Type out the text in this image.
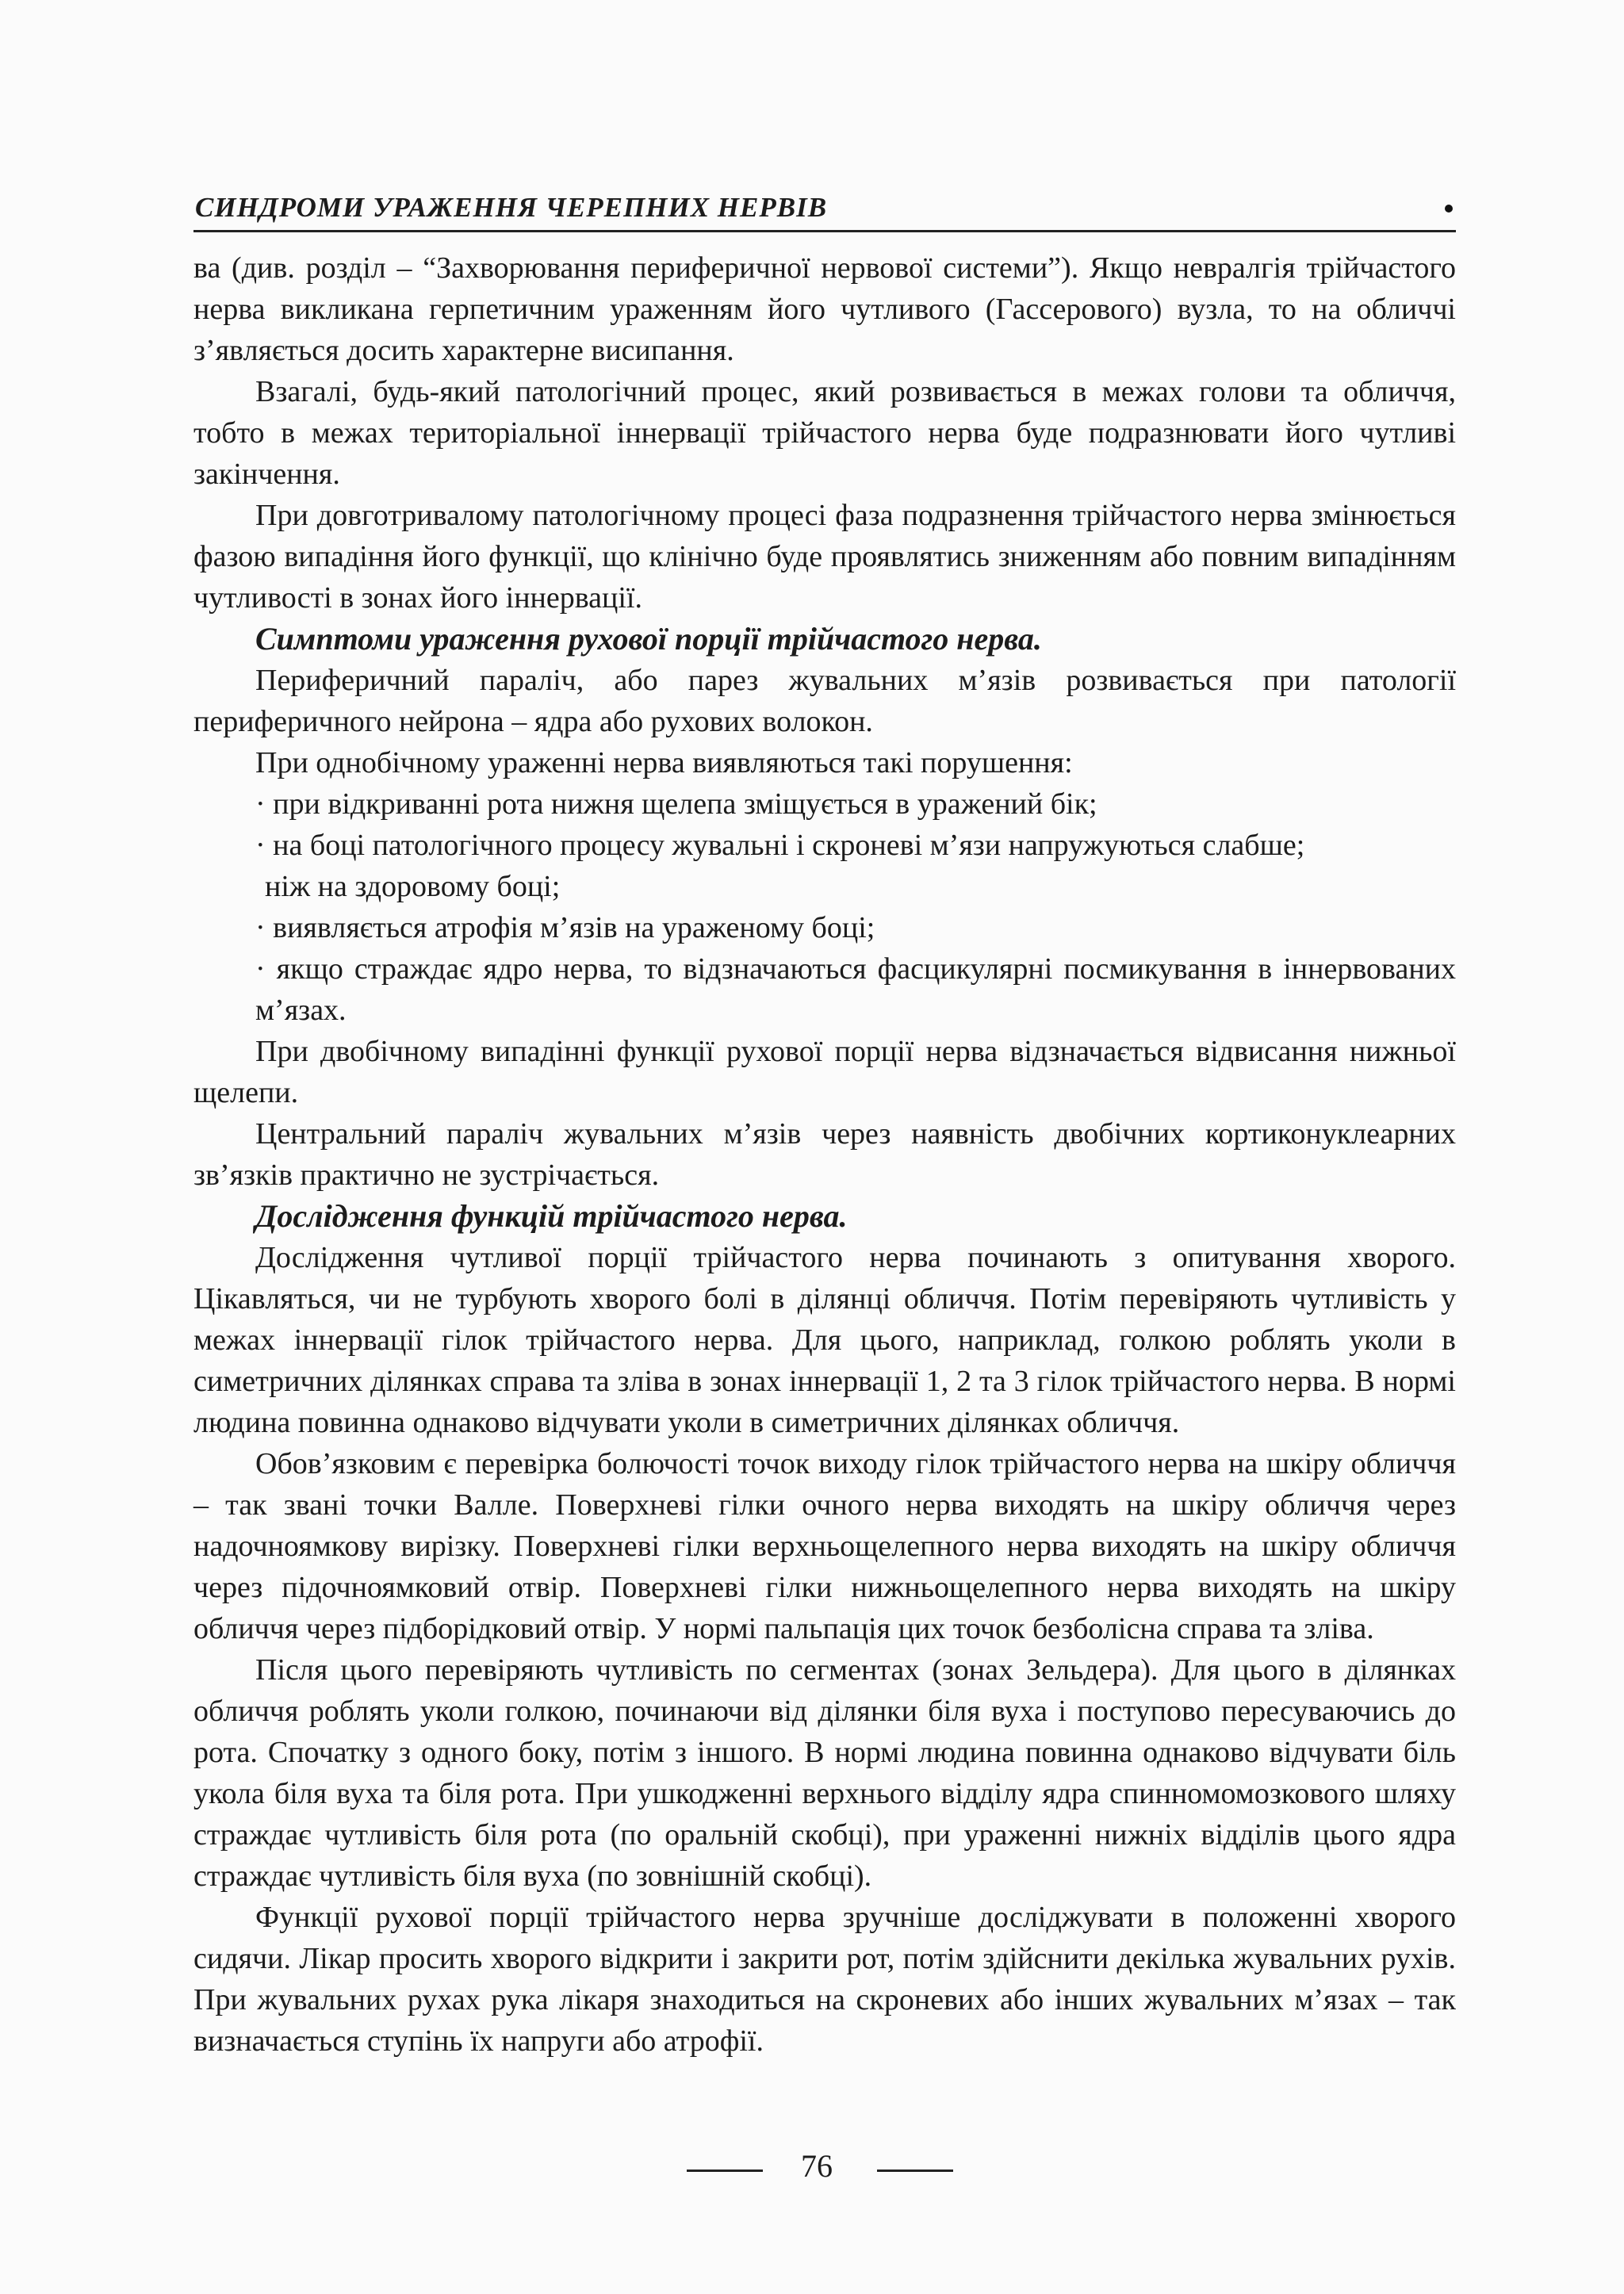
СИНДРОМИ УРАЖЕННЯ ЧЕРЕПНИХ НЕРВІВ

ва (див. розділ – “Захворювання периферичної нервової системи”). Якщо невралгія трійчастого нерва викликана герпетичним ураженням його чутливого (Гассерового) вузла, то на обличчі з’являється досить характерне висипання.

Взагалі, будь-який патологічний процес, який розвивається в межах голови та обличчя, тобто в межах територіальної іннервації трійчастого нерва буде подразнювати його чутливі закінчення.

При довготривалому патологічному процесі фаза подразнення трійчастого нерва змінюється фазою випадіння його функції, що клінічно буде проявлятись зниженням або повним випадінням чутливості в зонах його іннервації.

Симптоми ураження рухової порції трійчастого нерва.

Периферичний параліч, або парез жувальних м’язів розвивається при патології периферичного нейрона – ядра або рухових волокон.

При однобічному ураженні нерва виявляються такі порушення:

· при відкриванні рота нижня щелепа зміщується в уражений бік;

· на боці патологічного процесу жувальні і скроневі м’язи напружуються слабше;

ніж на здоровому боці;

· виявляється атрофія м’язів на ураженому боці;

· якщо страждає ядро нерва, то відзначаються фасцикулярні посмикування в іннервованих м’язах.

При двобічному випадінні функції рухової порції нерва відзначається відвисання нижньої щелепи.

Центральний параліч жувальних м’язів через наявність двобічних кортиконуклеарних зв’язків практично не зустрічається.

Дослідження функцій трійчастого нерва.

Дослідження чутливої порції трійчастого нерва починають з опитування хворого. Цікавляться, чи не турбують хворого болі в ділянці обличчя. Потім перевіряють чутливість у межах іннервації гілок трійчастого нерва. Для цього, наприклад, голкою роблять уколи в симетричних ділянках справа та зліва в зонах іннервації 1, 2 та 3 гілок трійчастого нерва. В нормі людина повинна однаково відчувати уколи в симетричних ділянках обличчя.

Обов’язковим є перевірка болючості точок виходу гілок трійчастого нерва на шкіру обличчя – так звані точки Валле. Поверхневі гілки очного нерва виходять на шкіру обличчя через надочноямкову вирізку. Поверхневі гілки верхньощелепного нерва виходять на шкіру обличчя через підочноямковий отвір. Поверхневі гілки нижньощелепного нерва виходять на шкіру обличчя через підборідковий отвір. У нормі пальпація цих точок безболісна справа та зліва.

Після цього перевіряють чутливість по сегментах (зонах Зельдера). Для цього в ділянках обличчя роблять уколи голкою, починаючи від ділянки біля вуха і поступово пересуваючись до рота. Спочатку з одного боку, потім з іншого. В нормі людина повинна однаково відчувати біль укола біля вуха та біля рота. При ушкодженні верхнього відділу ядра спинномомозкового шляху страждає чутливість біля рота (по оральній скобці), при ураженні нижніх відділів цього ядра страждає чутливість біля вуха (по зовнішній скобці).

Функції рухової порції трійчастого нерва зручніше досліджувати в положенні хворого сидячи. Лікар просить хворого відкрити і закрити рот, потім здійснити декілька жувальних рухів. При жувальних рухах рука лікаря знаходиться на скроневих або інших жувальних м’язах – так визначається ступінь їх напруги або атрофії.

76
